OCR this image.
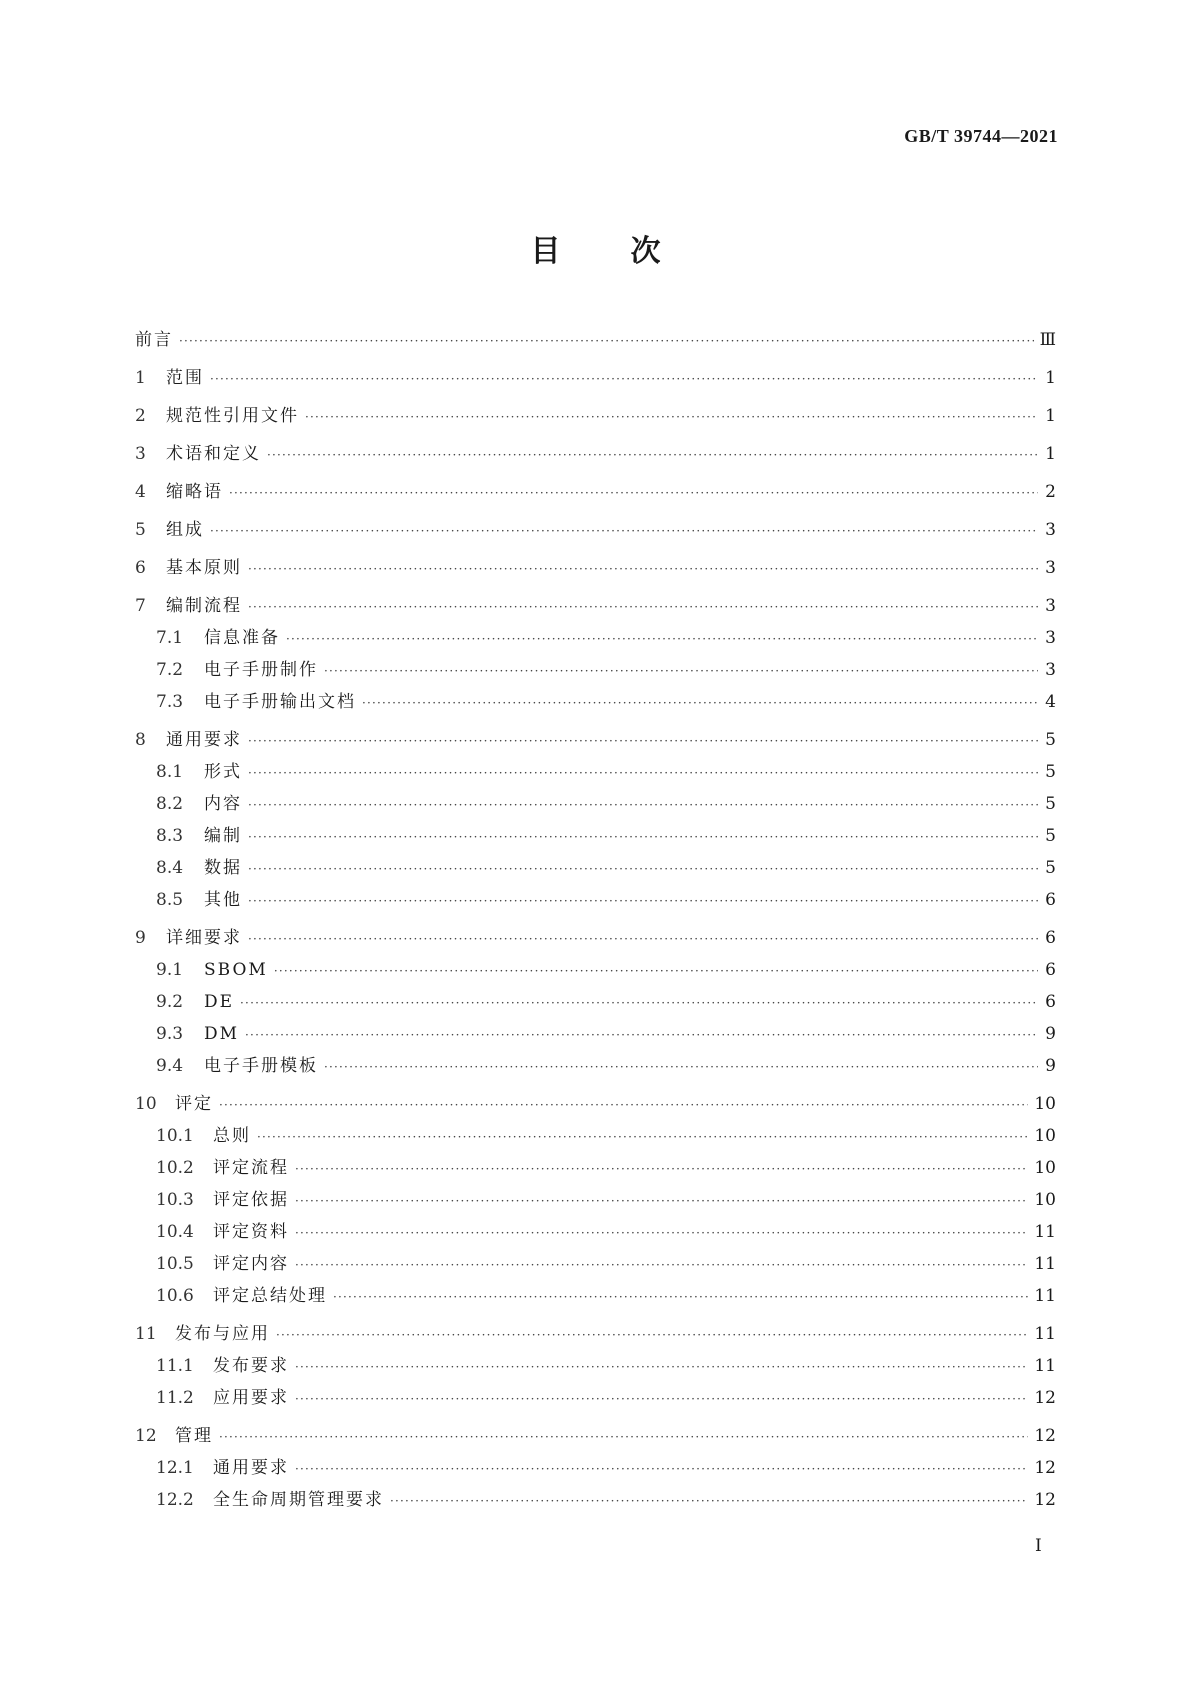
GB/T 39744—2021
目次
前言 ·····	Ⅲ
1	范围 ·····	1
2	规范性引用文件 ·····	1
3	术语和定义 ·····	1
4	缩略语 ·····	2
5	组成 ·····	3
6	基本原则 ·····	3
7	编制流程 ·····	3
7.1	信息准备 ·····	3
7.2	电子手册制作 ·····	3
7.3	电子手册输出文档 ·····	4
8	通用要求 ·····	5
8.1	形式 ·····	5
8.2	内容 ·····	5
8.3	编制 ·····	5
8.4	数据 ·····	5
8.5	其他 ·····	6
9	详细要求 ·····	6
9.1	SBOM ·····	6
9.2	DE ·····	6
9.3	DM ·····	9
9.4	电子手册模板 ·····	9
10	评定 ·····	10
10.1	总则 ·····	10
10.2	评定流程 ·····	10
10.3	评定依据 ·····	10
10.4	评定资料 ·····	11
10.5	评定内容 ·····	11
10.6	评定总结处理 ·····	11
11	发布与应用 ·····	11
11.1	发布要求 ·····	11
11.2	应用要求 ·····	12
12	管理 ·····	12
12.1	通用要求 ·····	12
12.2	全生命周期管理要求 ·····	12
I
